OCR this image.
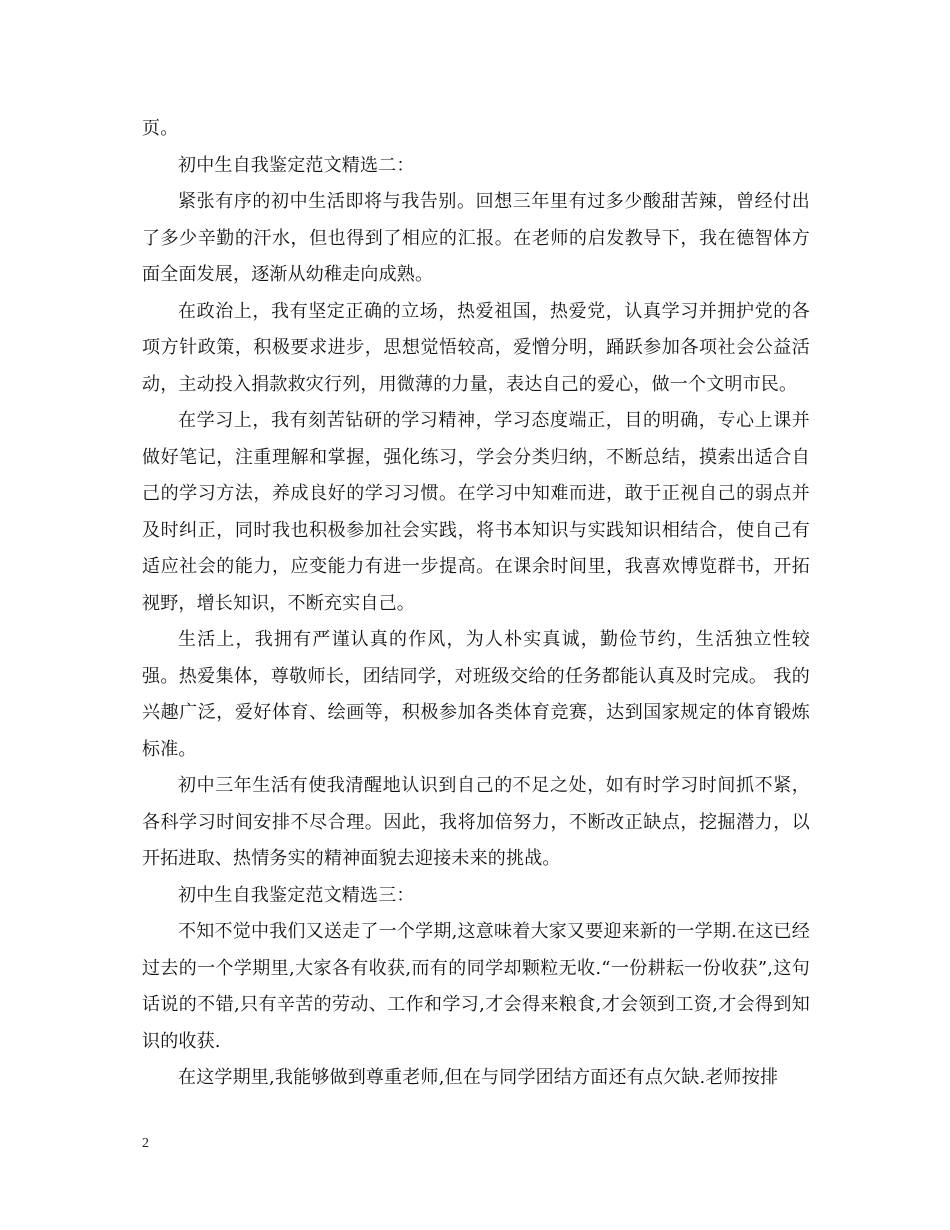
页。

初中生自我鉴定范文精选二：

紧张有序的初中生活即将与我告别。回想三年里有过多少酸甜苦辣，曾经付出了多少辛勤的汗水，但也得到了相应的汇报。在老师的启发教导下，我在德智体方面全面发展，逐渐从幼稚走向成熟。

在政治上，我有坚定正确的立场，热爱祖国，热爱党，认真学习并拥护党的各项方针政策，积极要求进步，思想觉悟较高，爱憎分明，踊跃参加各项社会公益活动，主动投入捐款救灾行列，用微薄的力量，表达自己的爱心，做一个文明市民。

在学习上，我有刻苦钻研的学习精神，学习态度端正，目的明确，专心上课并做好笔记，注重理解和掌握，强化练习，学会分类归纳，不断总结，摸索出适合自己的学习方法，养成良好的学习习惯。在学习中知难而进，敢于正视自己的弱点并及时纠正，同时我也积极参加社会实践，将书本知识与实践知识相结合，使自己有适应社会的能力，应变能力有进一步提高。在课余时间里，我喜欢博览群书，开拓视野，增长知识，不断充实自己。

生活上，我拥有严谨认真的作风，为人朴实真诚，勤俭节约，生活独立性较强。热爱集体，尊敬师长，团结同学，对班级交给的任务都能认真及时完成。 我的兴趣广泛，爱好体育、绘画等，积极参加各类体育竞赛，达到国家规定的体育锻炼标准。

初中三年生活有使我清醒地认识到自己的不足之处，如有时学习时间抓不紧，各科学习时间安排不尽合理。因此，我将加倍努力，不断改正缺点，挖掘潜力，以开拓进取、热情务实的精神面貌去迎接未来的挑战。

初中生自我鉴定范文精选三：

不知不觉中我们又送走了一个学期,这意味着大家又要迎来新的一学期.在这已经过去的一个学期里,大家各有收获,而有的同学却颗粒无收.“一份耕耘一份收获”,这句话说的不错,只有辛苦的劳动、工作和学习,才会得来粮食,才会领到工资,才会得到知识的收获.

在这学期里,我能够做到尊重老师,但在与同学团结方面还有点欠缺.老师按排

2
